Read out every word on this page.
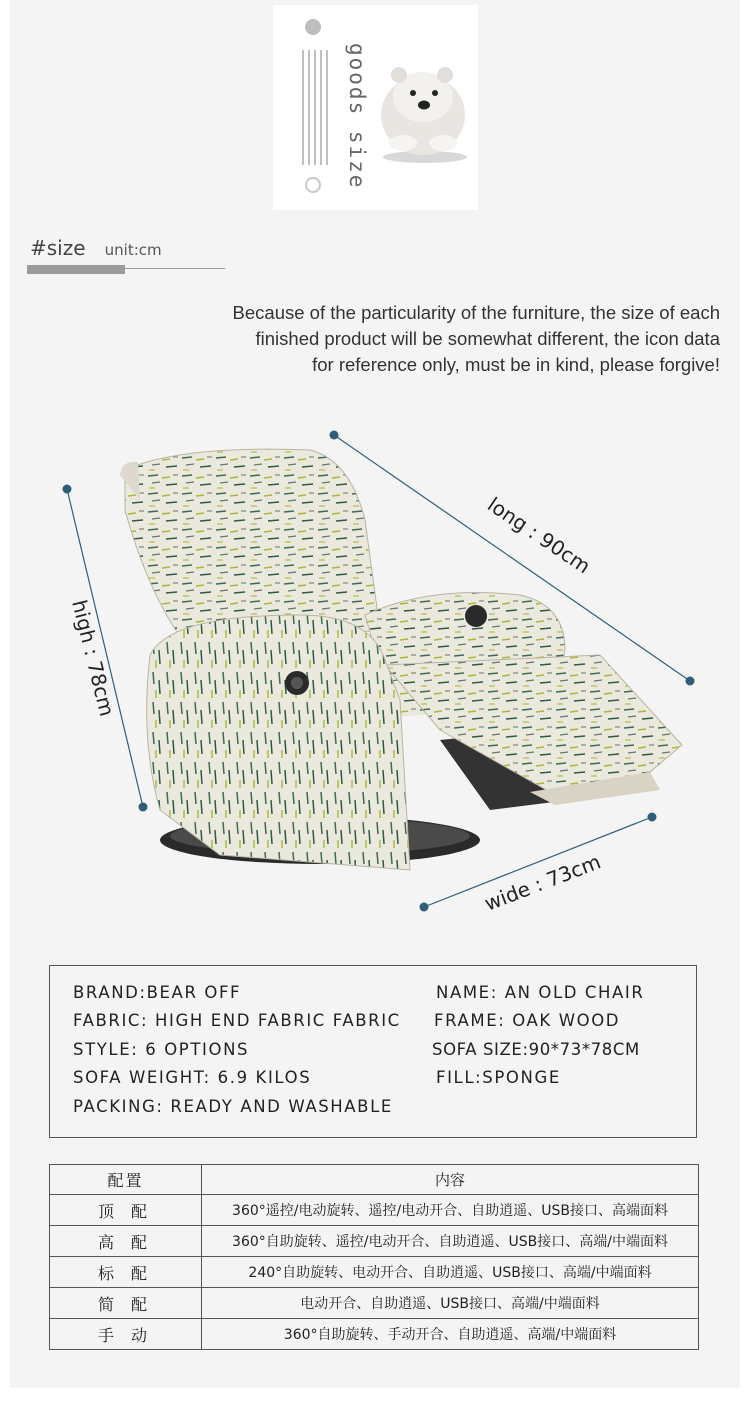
goods size
#size unit:cm
Because of the particularity of the furniture, the size of each
finished product will be somewhat different, the icon data
for reference only, must be in kind, please forgive!
long : 90cm
high : 78cm
wide : 73cm
BRAND:BEAR OFF	NAME: AN OLD CHAIR
FABRIC: HIGH END FABRIC FABRIC FRAME: OAK WOOD
STYLE: 6 OPTIONS	SOFA SIZE:90*73*78CM
SOFA WEIGHT: 6.9 KILOS	FILL:SPONGE
PACKING: READY AND WASHABLE
配置	内容
顶 配	360°遥控/电动旋转、遥控/电动开合、自助逍遥、USB接口、高端面料
高 配	360°自助旋转、遥控/电动开合、自助逍遥、USB接口、高端/中端面料
标 配	240°自助旋转、电动开合、自助逍遥、USB接口、高端/中端面料
简 配	电动开合、自助逍遥、USB接口、高端/中端面料
手 动	360°自助旋转、手动开合、自助逍遥、高端/中端面料
